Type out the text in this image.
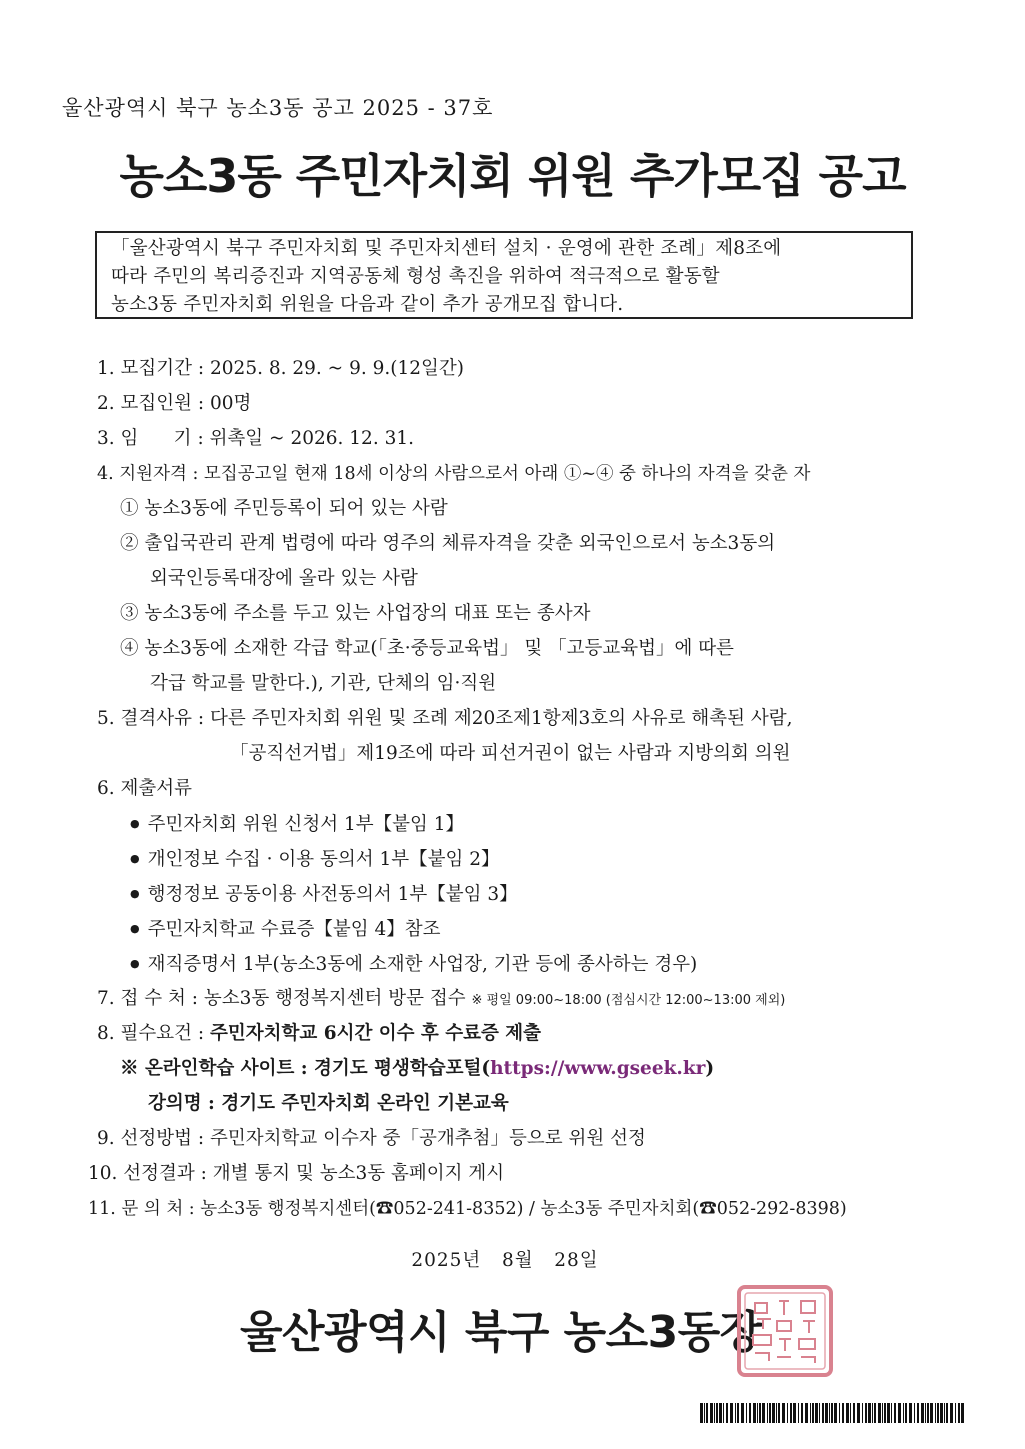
울산광역시 북구 농소3동 공고 2025 - 37호
농소3동 주민자치회 위원 추가모집 공고
「울산광역시 북구 주민자치회 및 주민자치센터 설치 · 운영에 관한 조례」제8조에
따라 주민의 복리증진과 지역공동체 형성 촉진을 위하여 적극적으로 활동할
농소3동 주민자치회 위원을 다음과 같이 추가 공개모집 합니다.
1. 모집기간 : 2025. 8. 29. ~ 9. 9.(12일간)
2. 모집인원 : 00명
3. 임      기 : 위촉일 ~ 2026. 12. 31.
4. 지원자격 : 모집공고일 현재 18세 이상의 사람으로서 아래 ①~④ 중 하나의 자격을 갖춘 자
① 농소3동에 주민등록이 되어 있는 사람
② 출입국관리 관계 법령에 따라 영주의 체류자격을 갖춘 외국인으로서 농소3동의
외국인등록대장에 올라 있는 사람
③ 농소3동에 주소를 두고 있는 사업장의 대표 또는 종사자
④ 농소3동에 소재한 각급 학교(「초·중등교육법」 및 「고등교육법」에 따른
각급 학교를 말한다.), 기관, 단체의 임·직원
5. 결격사유 : 다른 주민자치회 위원 및 조례 제20조제1항제3호의 사유로 해촉된 사람,
「공직선거법」제19조에 따라 피선거권이 없는 사람과 지방의회 의원
6. 제출서류
● 주민자치회 위원 신청서 1부【붙임 1】
● 개인정보 수집 · 이용 동의서 1부【붙임 2】
● 행정정보 공동이용 사전동의서 1부【붙임 3】
● 주민자치학교 수료증【붙임 4】참조
● 재직증명서 1부(농소3동에 소재한 사업장, 기관 등에 종사하는 경우)
7. 접 수 처 : 농소3동 행정복지센터 방문 접수 ※ 평일 09:00~18:00 (점심시간 12:00~13:00 제외)
8. 필수요건 : 주민자치학교 6시간 이수 후 수료증 제출
※ 온라인학습 사이트 : 경기도 평생학습포털(https://www.gseek.kr)
강의명 : 경기도 주민자치회 온라인 기본교육
9. 선정방법 : 주민자치학교 이수자 중「공개추첨」등으로 위원 선정
10. 선정결과 : 개별 통지 및 농소3동 홈페이지 게시
11. 문 의 처 : 농소3동 행정복지센터(☎052-241-8352) / 농소3동 주민자치회(☎052-292-8398)
2025년   8월   28일
울산광역시 북구 농소3동장
